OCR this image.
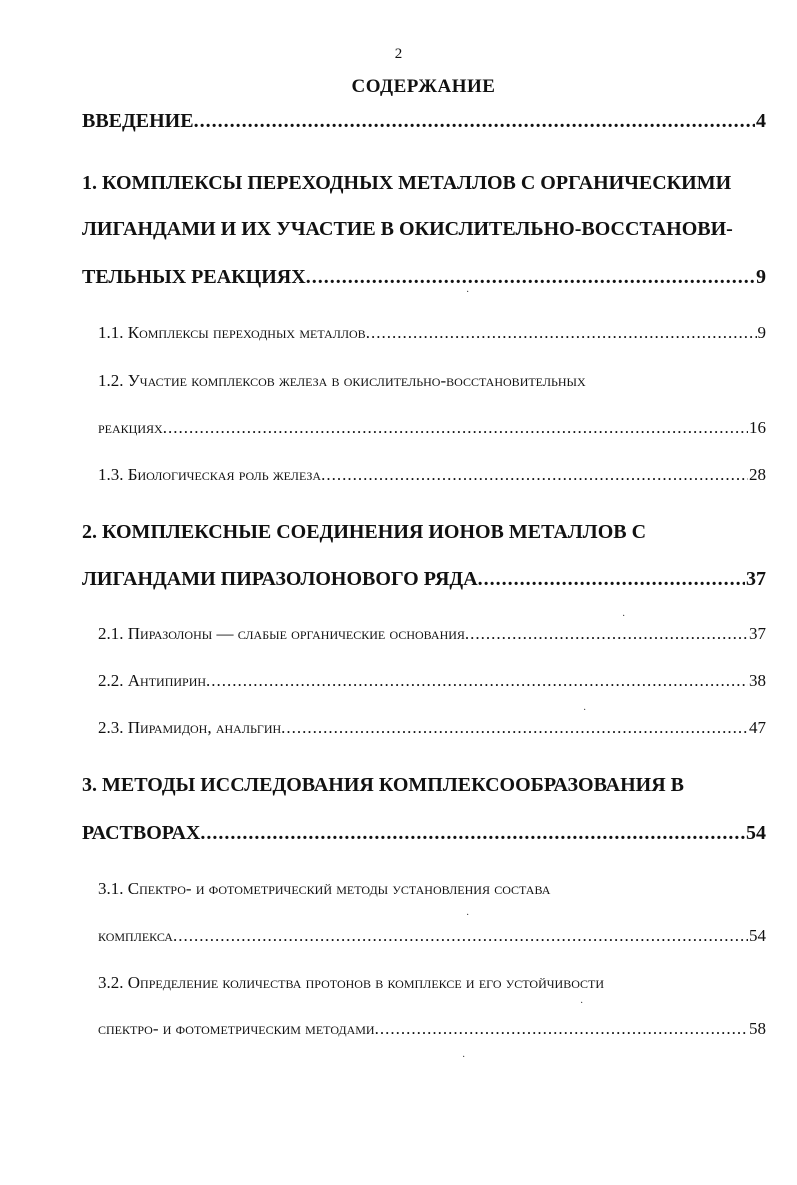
2
СОДЕРЖАНИЕ
ВВЕДЕНИЕ .....	4
1. КОМПЛЕКСЫ ПЕРЕХОДНЫХ МЕТАЛЛОВ С ОРГАНИЧЕСКИМИ
ЛИГАНДАМИ И ИХ УЧАСТИЕ В ОКИСЛИТЕЛЬНО-ВОССТАНОВИ-
ТЕЛЬНЫХ РЕАКЦИЯХ .....	9
1.1. Комплексы переходных металлов .....	9
1.2. Участие комплексов железа в окислительно-восстановительных
реакциях .....	16
1.3. Биологическая роль железа .....	28
2. КОМПЛЕКСНЫЕ СОЕДИНЕНИЯ ИОНОВ МЕТАЛЛОВ С
ЛИГАНДАМИ ПИРАЗОЛОНОВОГО РЯДА .....	37
2.1. Пиразолоны — слабые органические основания .....	37
2.2. Антипирин .....	38
2.3. Пирамидон, анальгин .....	47
3. МЕТОДЫ ИССЛЕДОВАНИЯ КОМПЛЕКСООБРАЗОВАНИЯ В
РАСТВОРАХ .....	54
3.1. Спектро- и фотометрический методы установления состава
комплекса .....	54
3.2. Определение количества протонов в комплексе и его устойчивости
спектро- и фотометрическим методами .....	58
·
·
·
·
·
·
